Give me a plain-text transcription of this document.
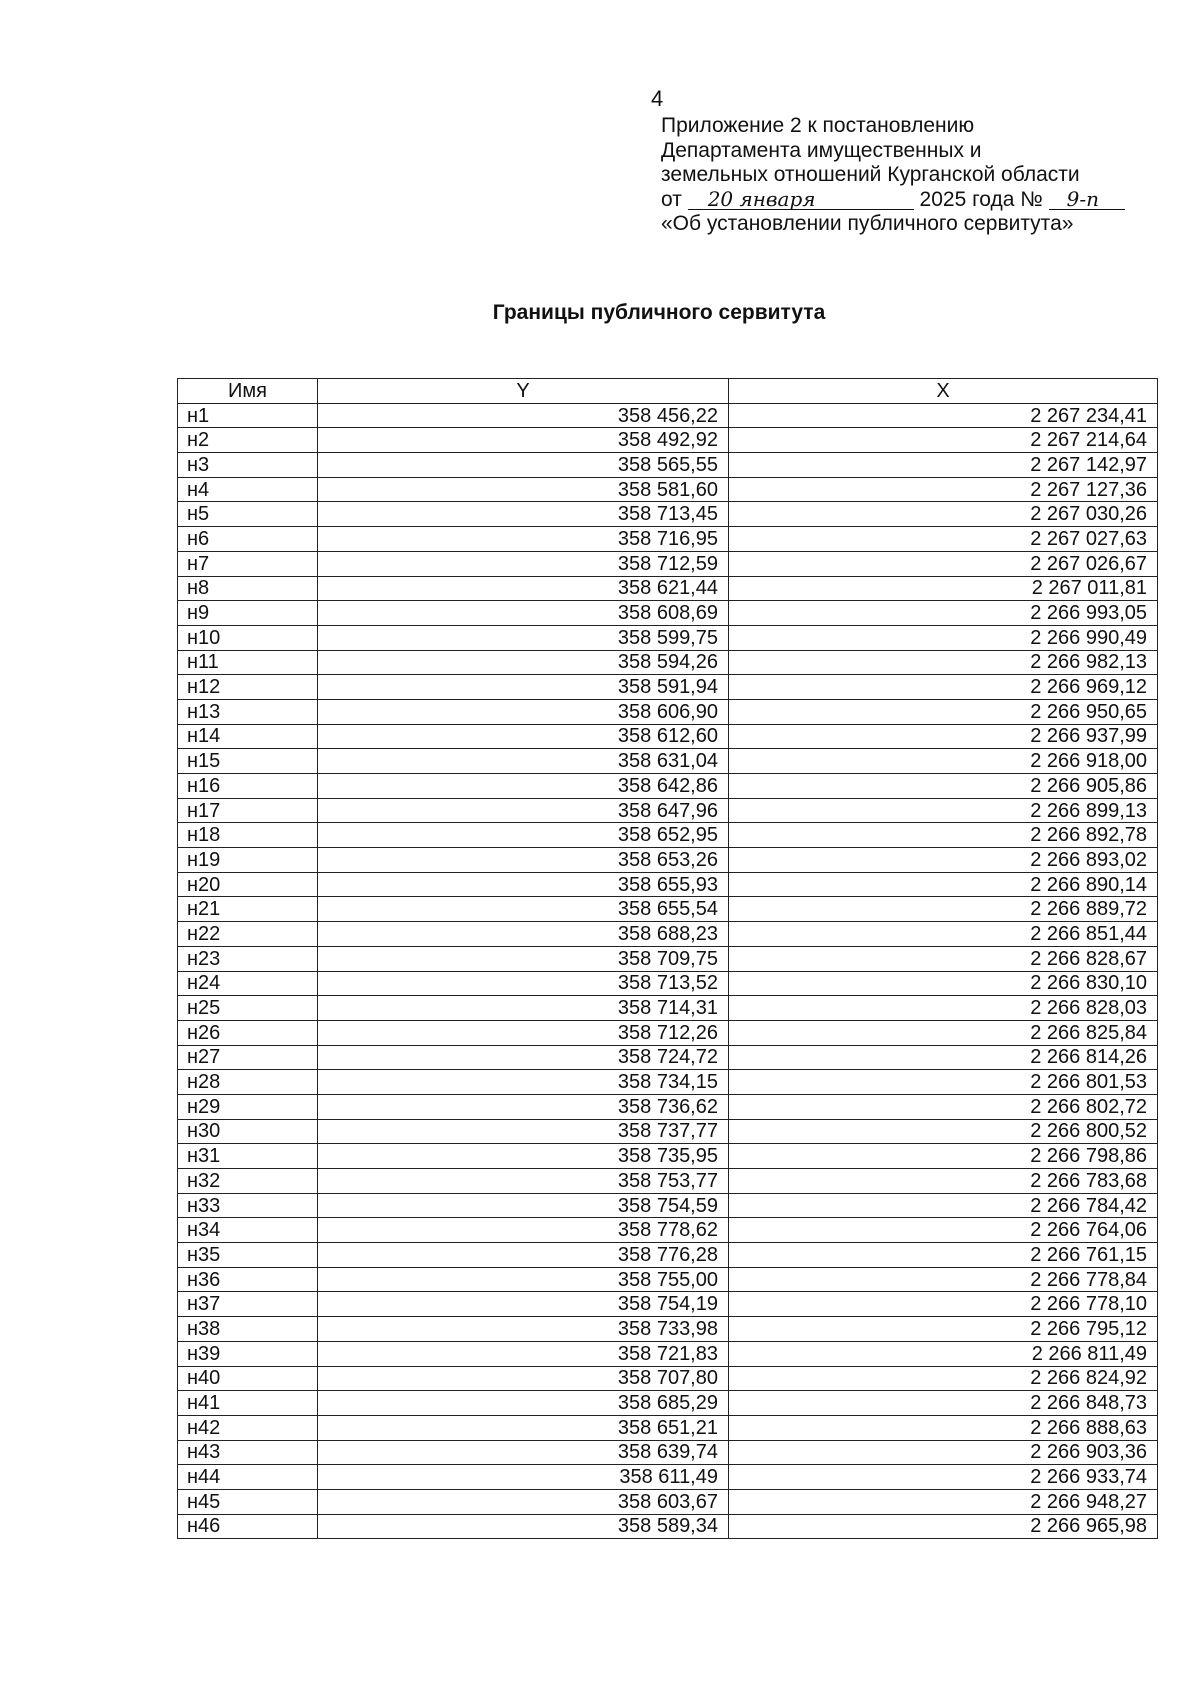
4
Приложение 2 к постановлению
Департамента имущественных и
земельных отношений Курганской области
от 20 января	2025 года № 9-п
«Об установлении публичного сервитута»
Границы публичного сервитута
Имя	Y	X
н1	358 456,22	2 267 234,41
н2	358 492,92	2 267 214,64
н3	358 565,55	2 267 142,97
н4	358 581,60	2 267 127,36
н5	358 713,45	2 267 030,26
н6	358 716,95	2 267 027,63
н7	358 712,59	2 267 026,67
н8	358 621,44	2 267 011,81
н9	358 608,69	2 266 993,05
н10	358 599,75	2 266 990,49
н11	358 594,26	2 266 982,13
н12	358 591,94	2 266 969,12
н13	358 606,90	2 266 950,65
н14	358 612,60	2 266 937,99
н15	358 631,04	2 266 918,00
н16	358 642,86	2 266 905,86
н17	358 647,96	2 266 899,13
н18	358 652,95	2 266 892,78
н19	358 653,26	2 266 893,02
н20	358 655,93	2 266 890,14
н21	358 655,54	2 266 889,72
н22	358 688,23	2 266 851,44
н23	358 709,75	2 266 828,67
н24	358 713,52	2 266 830,10
н25	358 714,31	2 266 828,03
н26	358 712,26	2 266 825,84
н27	358 724,72	2 266 814,26
н28	358 734,15	2 266 801,53
н29	358 736,62	2 266 802,72
н30	358 737,77	2 266 800,52
н31	358 735,95	2 266 798,86
н32	358 753,77	2 266 783,68
н33	358 754,59	2 266 784,42
н34	358 778,62	2 266 764,06
н35	358 776,28	2 266 761,15
н36	358 755,00	2 266 778,84
н37	358 754,19	2 266 778,10
н38	358 733,98	2 266 795,12
н39	358 721,83	2 266 811,49
н40	358 707,80	2 266 824,92
н41	358 685,29	2 266 848,73
н42	358 651,21	2 266 888,63
н43	358 639,74	2 266 903,36
н44	358 611,49	2 266 933,74
н45	358 603,67	2 266 948,27
н46	358 589,34	2 266 965,98
